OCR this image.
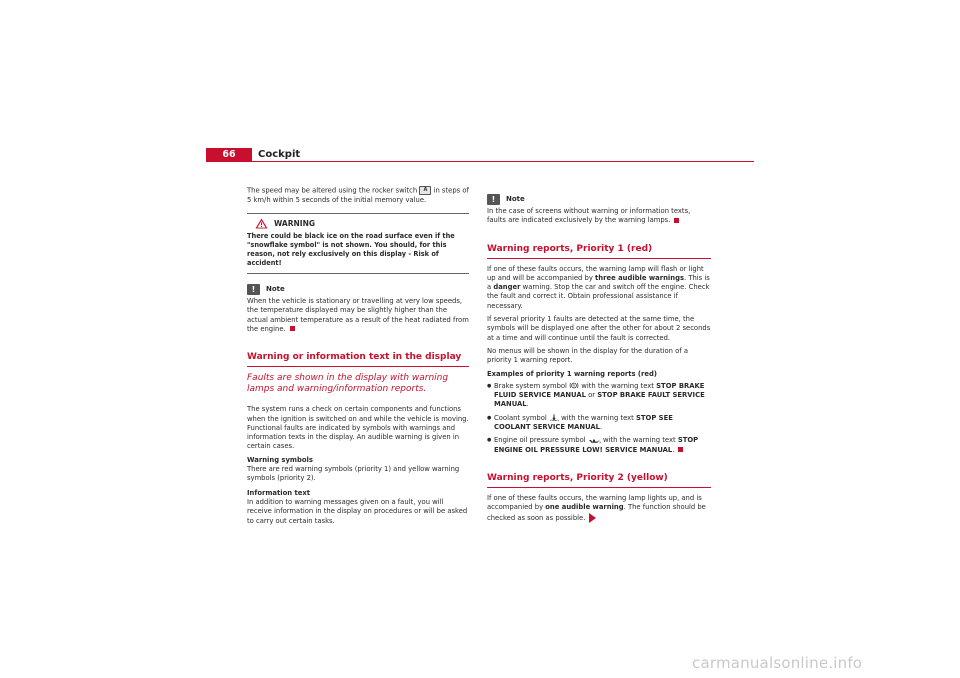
66	Cockpit

The speed may be altered using the rocker switch A in steps of 5 km/h within 5 seconds of the initial memory value.

WARNING
There could be black ice on the road surface even if the "snowflake symbol" is not shown. You should, for this reason, not rely exclusively on this display - Risk of accident!
!	Note

When the vehicle is stationary or travelling at very low speeds, the temperature displayed may be slightly higher than the actual ambient temperature as a result of the heat radiated from the engine.

Warning or information text in the display
Faults are shown in the display with warning lamps and warning/information reports.

The system runs a check on certain components and functions when the ignition is switched on and while the vehicle is moving. Functional faults are indicated by symbols with warnings and information texts in the display. An audible warning is given in certain cases.

Warning symbols
There are red warning symbols (priority 1) and yellow warning symbols (priority 2).

Information text
In addition to warning messages given on a fault, you will receive information in the display on procedures or will be asked to carry out certain tasks.

!	Note

In the case of screens without warning or information texts, faults are indicated exclusively by the warning lamps.

Warning reports, Priority 1 (red)

If one of these faults occurs, the warning lamp will flash or light up and will be accompanied by three audible warnings. This is a danger warning. Stop the car and switch off the engine. Check the fault and correct it. Obtain professional assistance if necessary.

If several priority 1 faults are detected at the same time, the symbols will be displayed one after the other for about 2 seconds at a time and will continue until the fault is corrected.

No menus will be shown in the display for the duration of a priority 1 warning report.

Examples of priority 1 warning reports (red)

● Brake system symbol with the warning text STOP BRAKE FLUID SERVICE MANUAL or STOP BRAKE FAULT SERVICE MANUAL.
● Coolant symbol with the warning text STOP SEE COOLANT SERVICE MANUAL.
● Engine oil pressure symbol	with the warning text STOP ENGINE OIL PRESSURE LOW! SERVICE MANUAL.
Warning reports, Priority 2 (yellow)

If one of these faults occurs, the warning lamp lights up, and is accompanied by one audible warning. The function should be checked as soon as possible.

carmanualsonline.info
